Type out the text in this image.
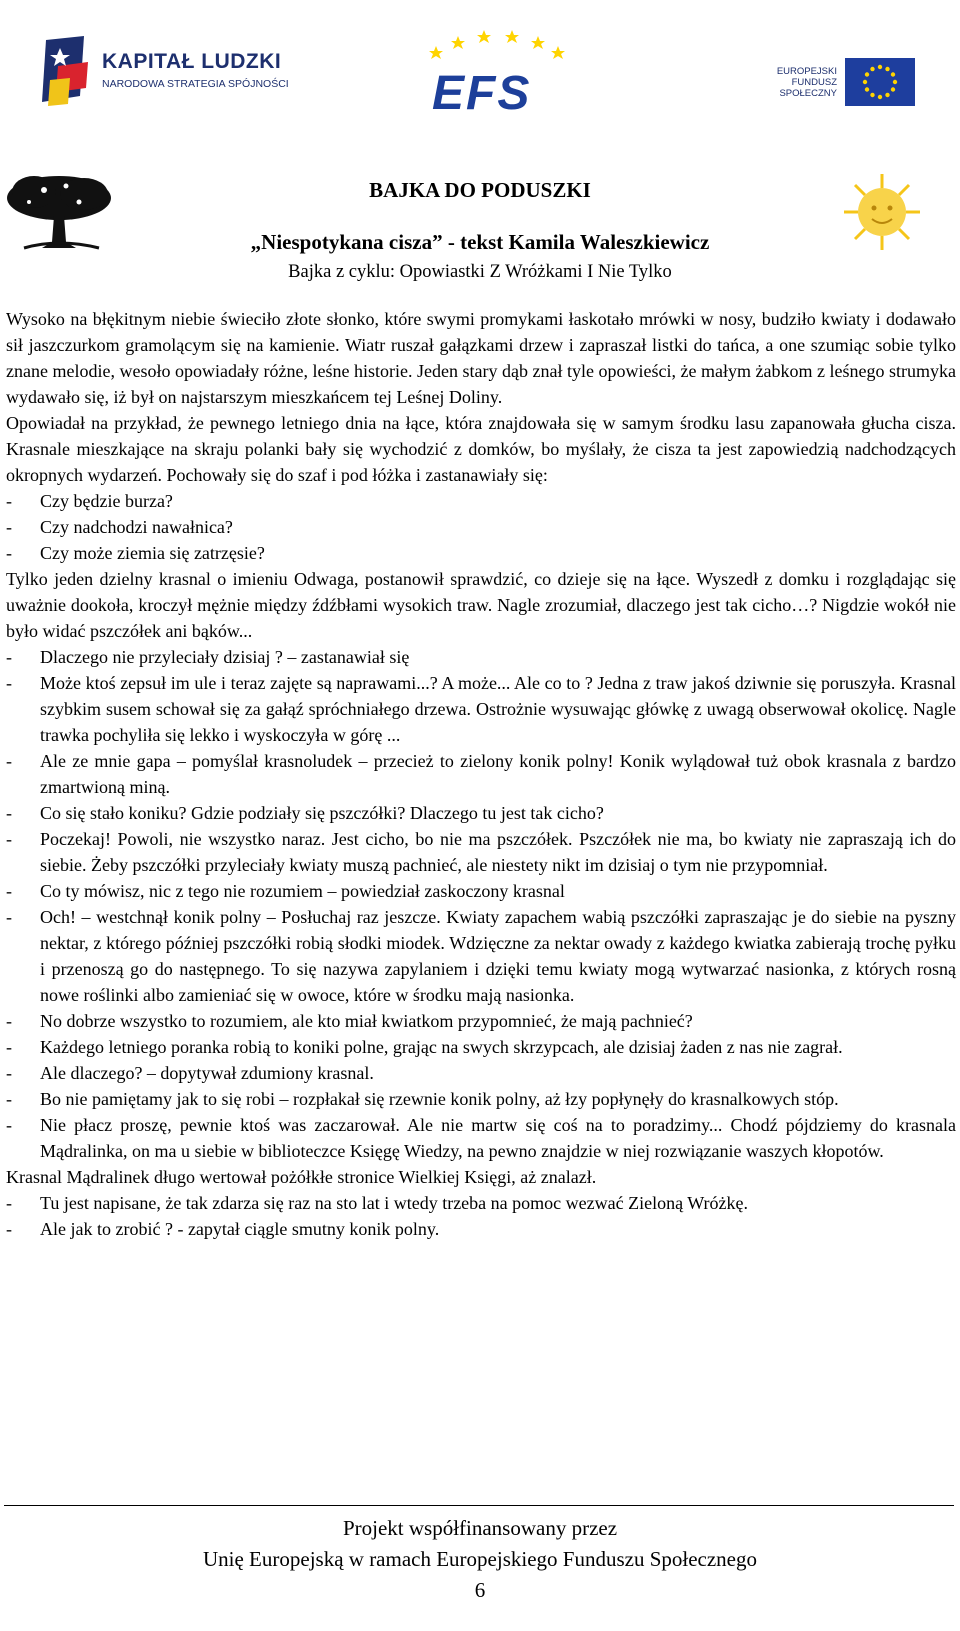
KAPITAŁ LUDZKI
NARODOWA STRATEGIA SPÓJNOŚCI	EFS	EUROPEJSKI
FUNDUSZ SPOŁECZNY
BAJKA DO PODUSZKI
„Niespotykana cisza” - tekst Kamila Waleszkiewicz
Bajka z cyklu: Opowiastki Z Wróżkami I Nie Tylko

Wysoko na błękitnym niebie świeciło złote słonko, które swymi promykami łaskotało mrówki w nosy, budziło kwiaty i dodawało sił jaszczurkom gramolącym się na kamienie. Wiatr ruszał gałązkami drzew i zapraszał listki do tańca, a one szumiąc sobie tylko znane melodie, wesoło opowiadały różne, leśne historie. Jeden stary dąb znał tyle opowieści, że małym żabkom z leśnego strumyka wydawało się, iż był on najstarszym mieszkańcem tej Leśnej Doliny.

Opowiadał na przykład, że pewnego letniego dnia na łące, która znajdowała się w samym środku lasu zapanowała głucha cisza. Krasnale mieszkające na skraju polanki bały się wychodzić z domków, bo myślały, że cisza ta jest zapowiedzią nadchodzących okropnych wydarzeń. Pochowały się do szaf i pod łóżka i zastanawiały się:

-	Czy będzie burza?
-	Czy nadchodzi nawałnica?
-	Czy może ziemia się zatrzęsie?

Tylko jeden dzielny krasnal o imieniu Odwaga, postanowił sprawdzić, co dzieje się na łące. Wyszedł z domku i rozglądając się uważnie dookoła, kroczył mężnie między źdźbłami wysokich traw. Nagle zrozumiał, dlaczego jest tak cicho…? Nigdzie wokół nie było widać pszczółek ani bąków...

-	Dlaczego nie przyleciały dzisiaj ? – zastanawiał się
-	Może ktoś zepsuł im ule i teraz zajęte są naprawami...? A może... Ale co to ? Jedna z traw jakoś dziwnie się poruszyła. Krasnal szybkim susem schował się za gałąź spróchniałego drzewa. Ostrożnie wysuwając główkę z uwagą obserwował okolicę. Nagle trawka pochyliła się lekko i wyskoczyła w górę ...
-	Ale ze mnie gapa – pomyślał krasnoludek – przecież to zielony konik polny! Konik wylądował tuż obok krasnala z bardzo zmartwioną miną.
-	Co się stało koniku? Gdzie podziały się pszczółki? Dlaczego tu jest tak cicho?
-	Poczekaj! Powoli, nie wszystko naraz. Jest cicho, bo nie ma pszczółek. Pszczółek nie ma, bo kwiaty nie zapraszają ich do siebie. Żeby pszczółki przyleciały kwiaty muszą pachnieć, ale niestety nikt im dzisiaj o tym nie przypomniał.
-	Co ty mówisz, nic z tego nie rozumiem – powiedział zaskoczony krasnal
-	Och! – westchnął konik polny – Posłuchaj raz jeszcze. Kwiaty zapachem wabią pszczółki zapraszając je do siebie na pyszny nektar, z którego później pszczółki robią słodki miodek. Wdzięczne za nektar owady z każdego kwiatka zabierają trochę pyłku i przenoszą go do następnego. To się nazywa zapylaniem i dzięki temu kwiaty mogą wytwarzać nasionka, z których rosną nowe roślinki albo zamieniać się w owoce, które w środku mają nasionka.
-	No dobrze wszystko to rozumiem, ale kto miał kwiatkom przypomnieć, że mają pachnieć?
-	Każdego letniego poranka robią to koniki polne, grając na swych skrzypcach, ale dzisiaj żaden z nas nie zagrał.
-	Ale dlaczego? – dopytywał zdumiony krasnal.
-	Bo nie pamiętamy jak to się robi – rozpłakał się rzewnie konik polny, aż łzy popłynęły do krasnalkowych stóp.
-	Nie płacz proszę, pewnie ktoś was zaczarował. Ale nie martw się coś na to poradzimy... Chodź pójdziemy do krasnala Mądralinka, on ma u siebie w biblioteczce Księgę Wiedzy, na pewno znajdzie w niej rozwiązanie waszych kłopotów.

Krasnal Mądralinek długo wertował pożółkłe stronice Wielkiej Księgi, aż znalazł.

-	Tu jest napisane, że tak zdarza się raz na sto lat i wtedy trzeba na pomoc wezwać Zieloną Wróżkę.
-	Ale jak to zrobić ? - zapytał ciągle smutny konik polny.
Projekt współfinansowany przez
Unię Europejską w ramach Europejskiego Funduszu Społecznego
6
